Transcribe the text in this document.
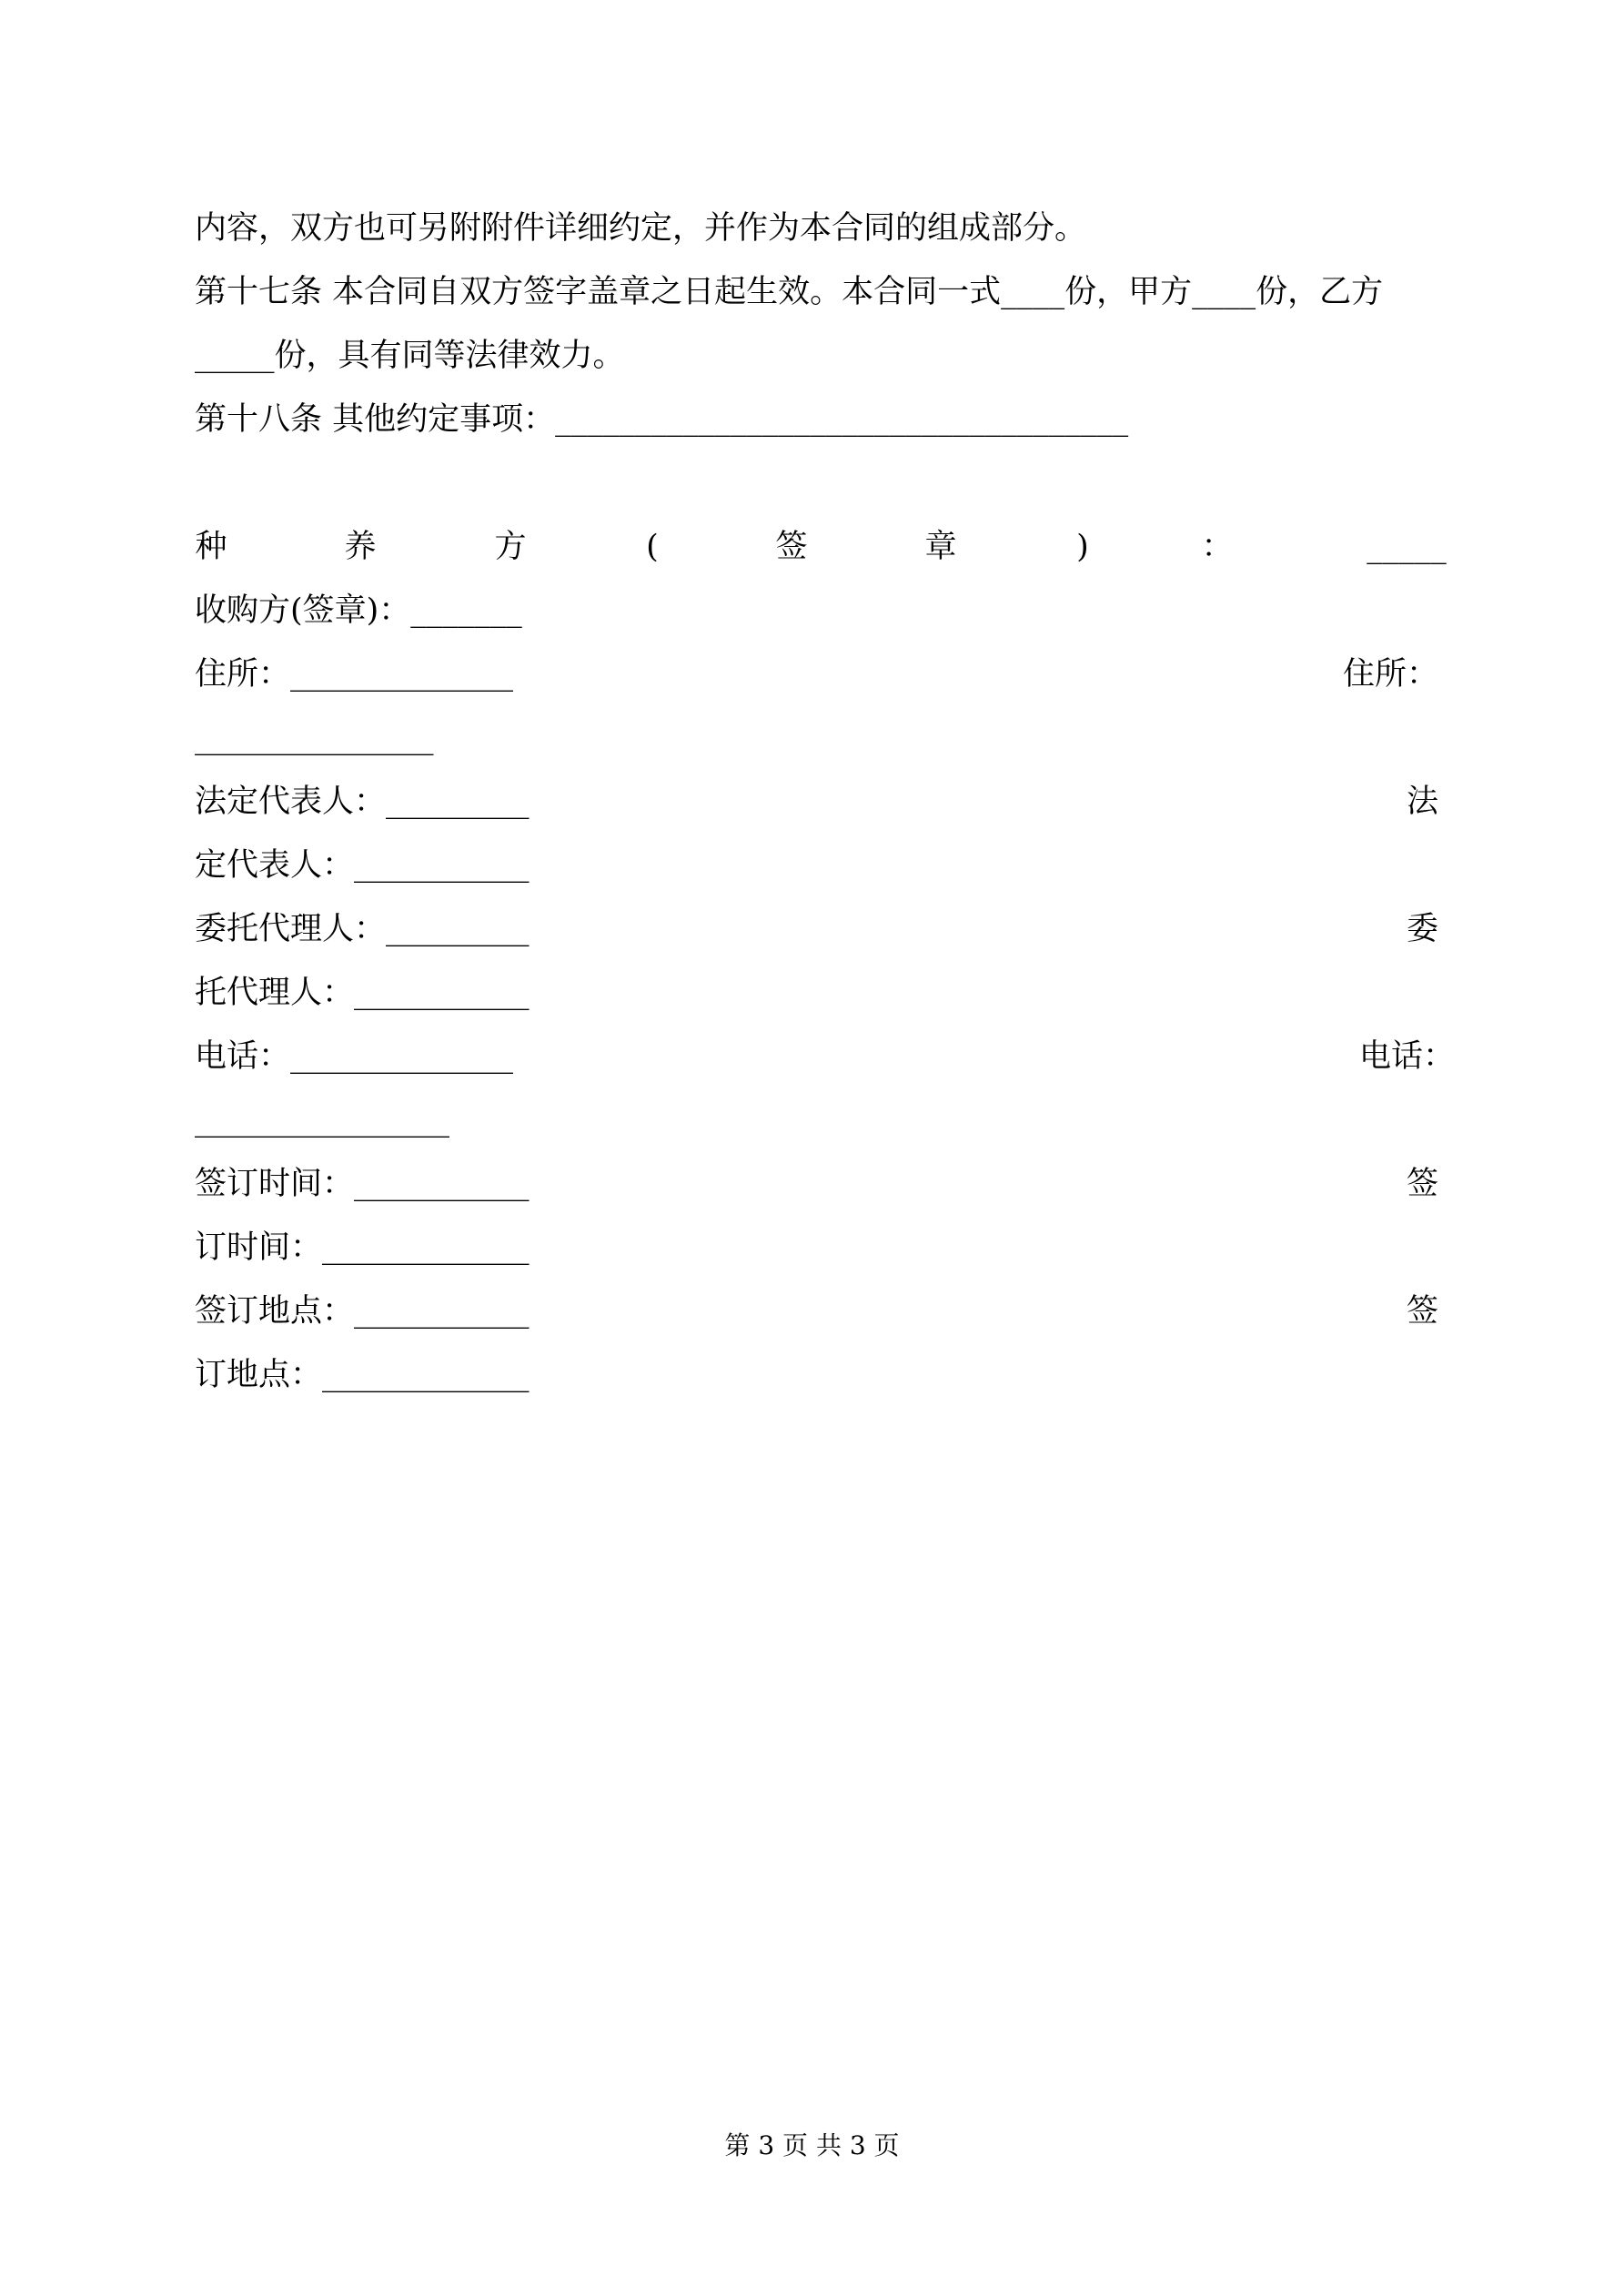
内容，双方也可另附附件详细约定，并作为本合同的组成部分。
第十七条 本合同自双方签字盖章之日起生效。本合同一式____份，甲方____份，乙方
_____份，具有同等法律效力。
第十八条 其他约定事项：____________________________________
种	养	方	(	签	章	)	：	_____
收购方(签章)：_______
住所：______________	住所：
_______________
法定代表人：_________	法
定代表人：___________
委托代理人：_________	委
托代理人：___________
电话：______________	电话：
________________
签订时间：___________	签
订时间：_____________
签订地点：___________	签
订地点：_____________
第 3 页 共 3 页
